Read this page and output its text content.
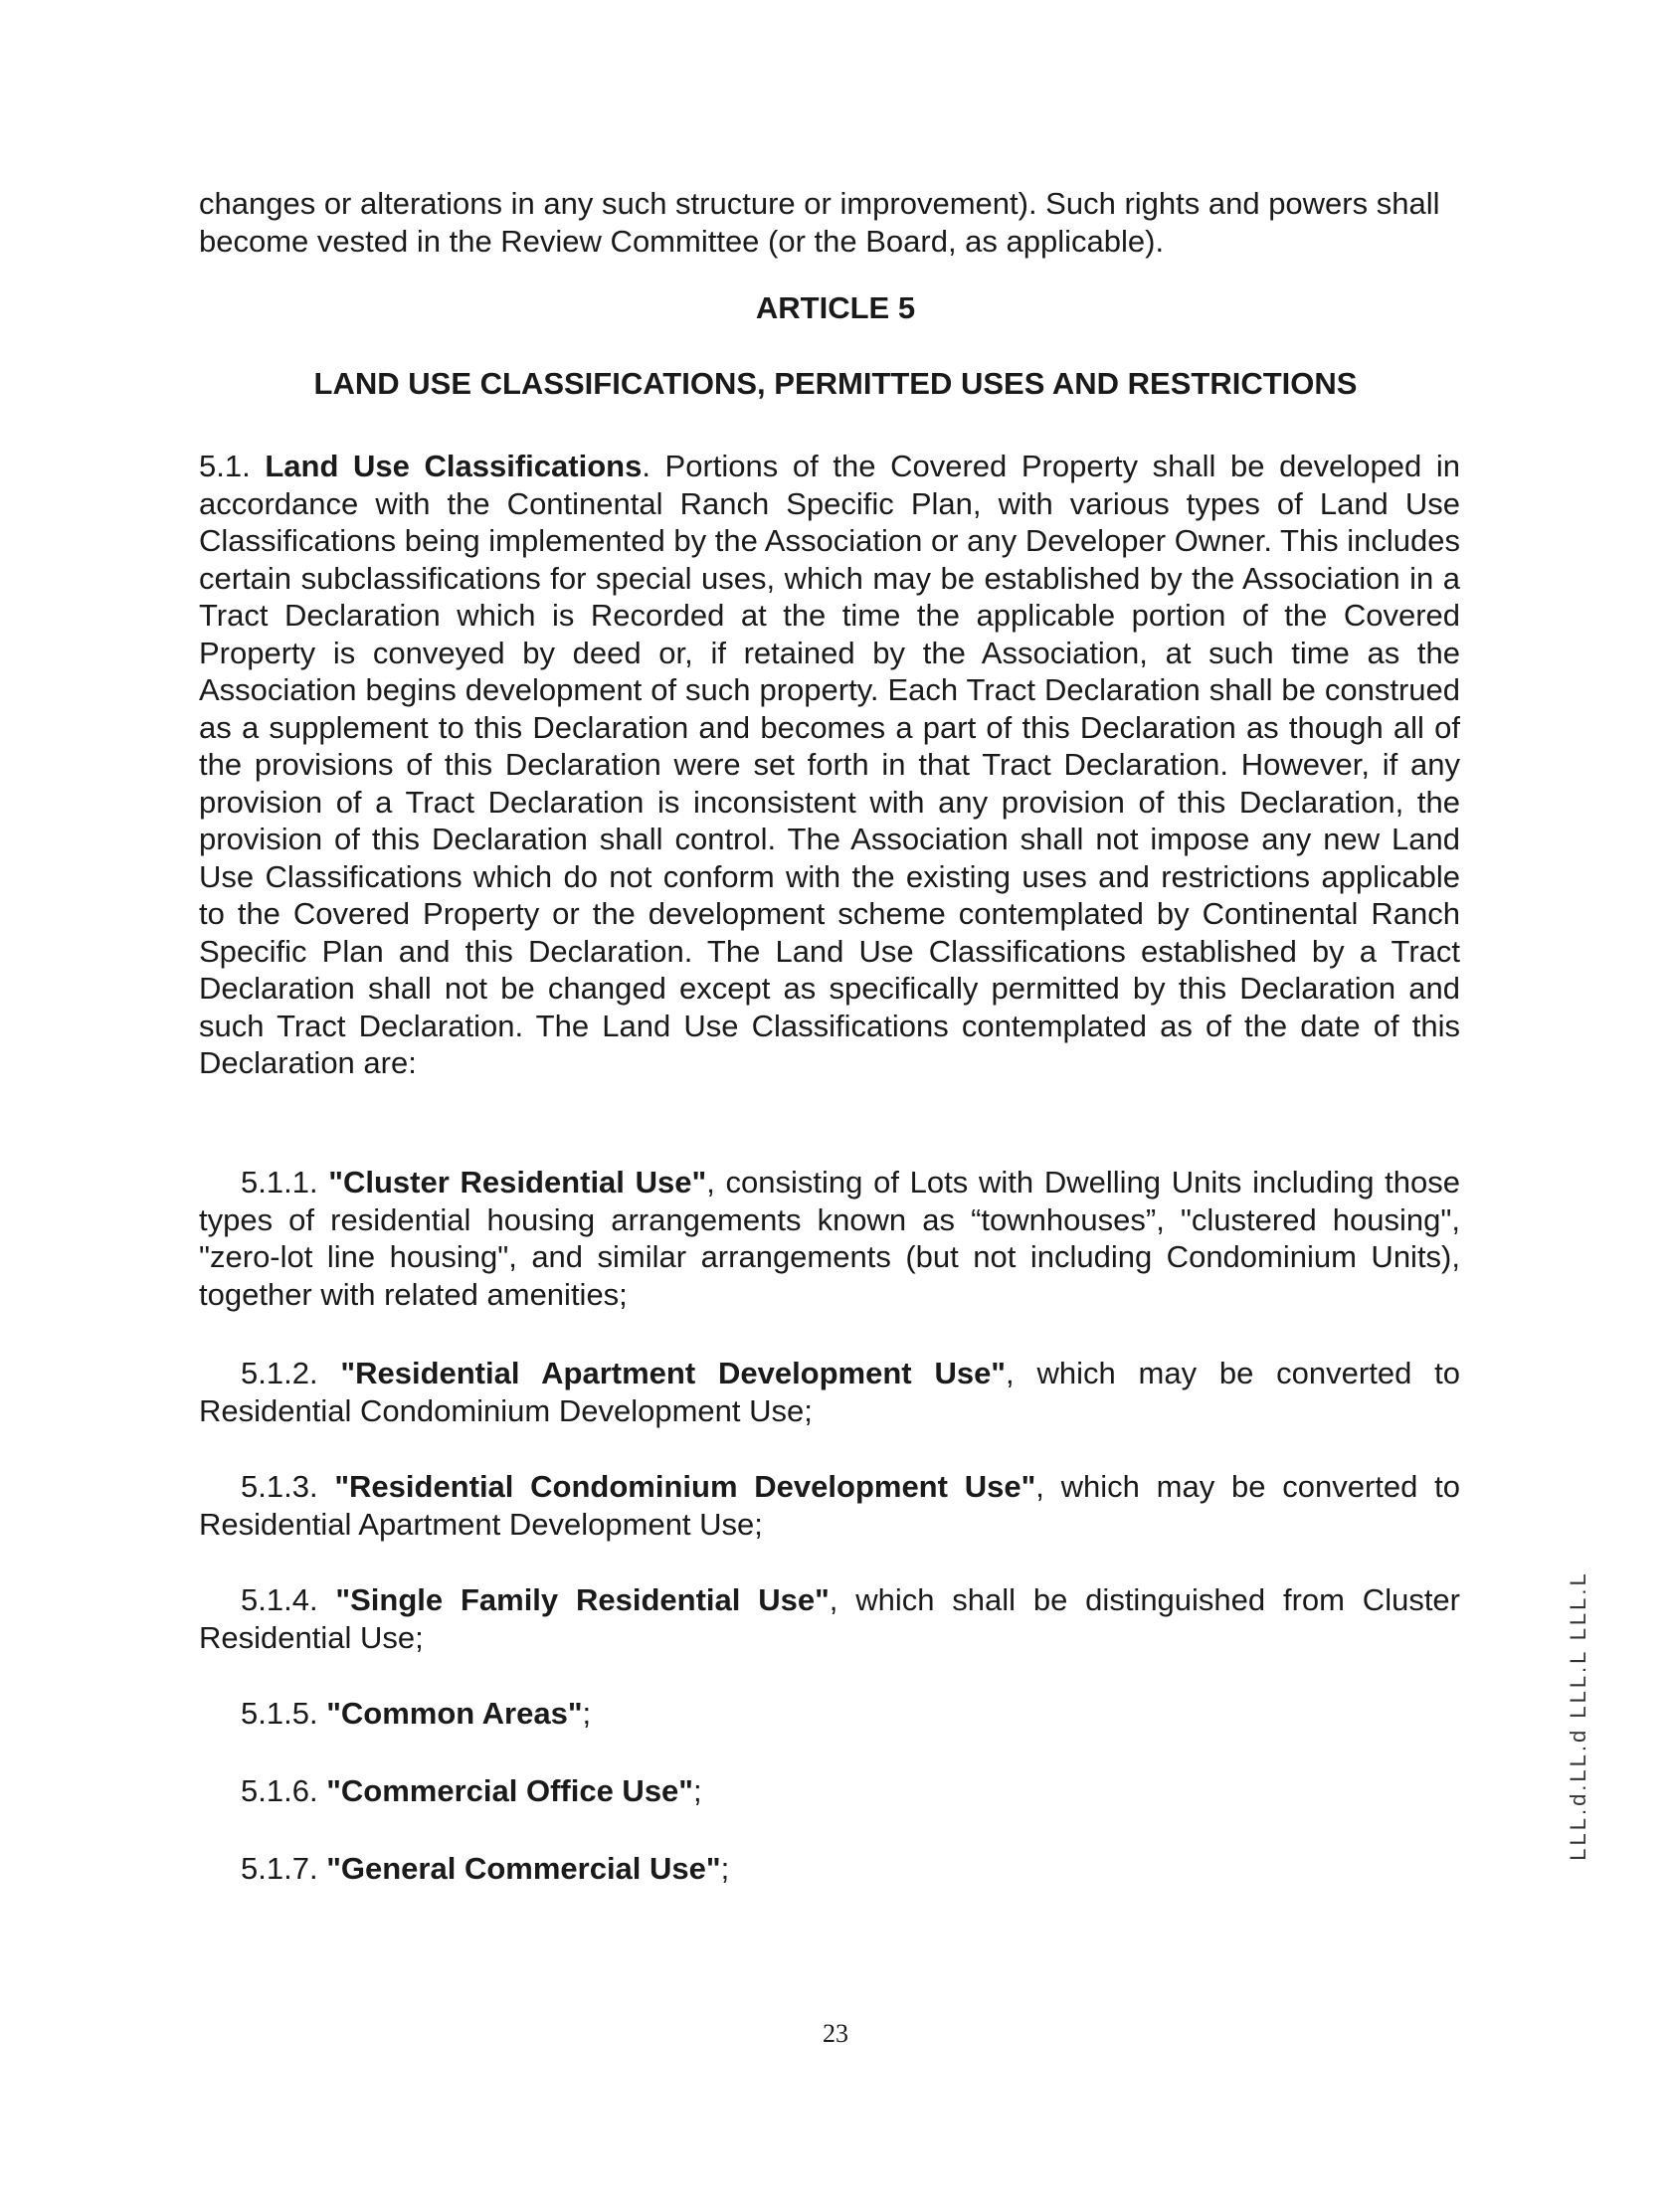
changes or alterations in any such structure or improvement). Such rights and powers shall become vested in the Review Committee (or the Board, as applicable).
ARTICLE 5
LAND USE CLASSIFICATIONS, PERMITTED USES AND RESTRICTIONS
5.1. Land Use Classifications. Portions of the Covered Property shall be developed in accordance with the Continental Ranch Specific Plan, with various types of Land Use Classifications being implemented by the Association or any Developer Owner. This includes certain subclassifications for special uses, which may be established by the Association in a Tract Declaration which is Recorded at the time the applicable portion of the Covered Property is conveyed by deed or, if retained by the Association, at such time as the Association begins development of such property. Each Tract Declaration shall be construed as a supplement to this Declaration and becomes a part of this Declaration as though all of the provisions of this Declaration were set forth in that Tract Declaration. However, if any provision of a Tract Declaration is inconsistent with any provision of this Declaration, the provision of this Declaration shall control. The Association shall not impose any new Land Use Classifications which do not conform with the existing uses and restrictions applicable to the Covered Property or the development scheme contemplated by Continental Ranch Specific Plan and this Declaration. The Land Use Classifications established by a Tract Declaration shall not be changed except as specifically permitted by this Declaration and such Tract Declaration. The Land Use Classifications contemplated as of the date of this Declaration are:
5.1.1. "Cluster Residential Use", consisting of Lots with Dwelling Units including those types of residential housing arrangements known as “townhouses”, "clustered housing", "zero-lot line housing", and similar arrangements (but not including Condominium Units), together with related amenities;
5.1.2. "Residential Apartment Development Use", which may be converted to Residential Condominium Development Use;
5.1.3. "Residential Condominium Development Use", which may be converted to Residential Apartment Development Use;
5.1.4. "Single Family Residential Use", which shall be distinguished from Cluster Residential Use;
5.1.5. "Common Areas";
5.1.6. "Commercial Office Use";
5.1.7. "General Commercial Use";
LLL.d.LL.d LLL.L LLL.L
23
